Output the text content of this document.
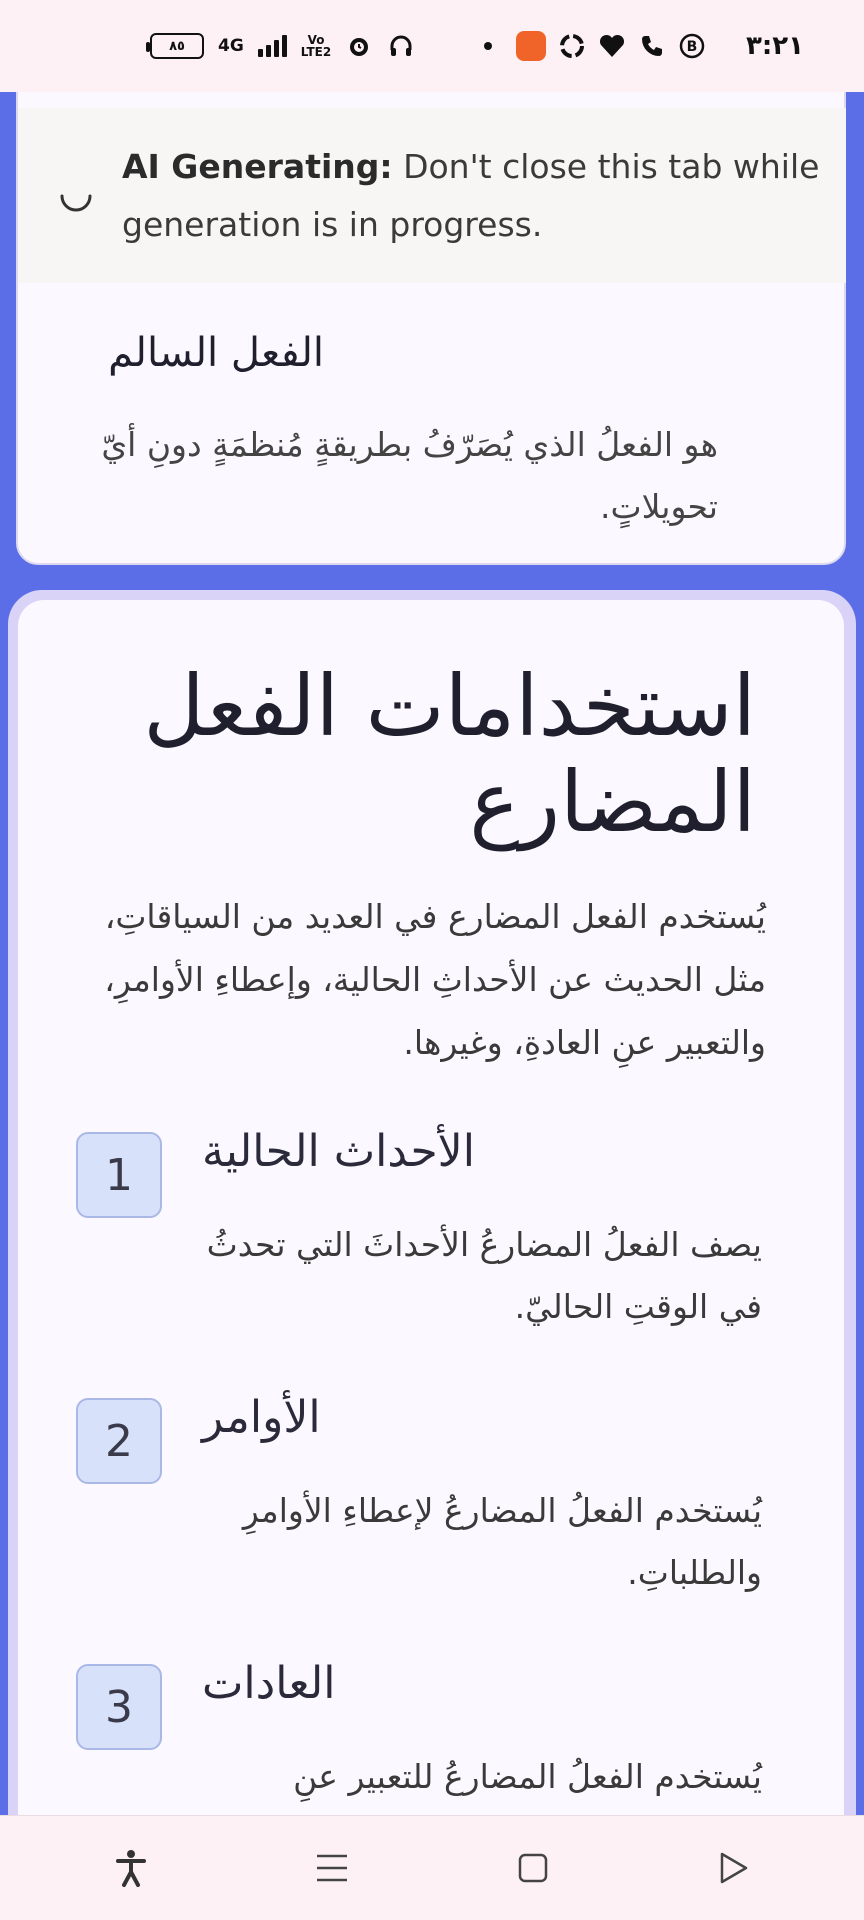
٨٥ 4G	Vo
LTE2	B ٣:٢١
الفعل السالم

هو الفعلُ الذي يُصَرّفُ بطريقةٍ مُنظمَةٍ دونِ أيّ تحويلاتٍ.

AI Generating: Don't close this tab while generation is in progress.
استخدامات الفعل المضارع

يُستخدم الفعل المضارع في العديد من السياقاتِ، مثل الحديث عن الأحداثِ الحالية، وإعطاءِ الأوامرِ، والتعبير عنِ العادةِ، وغيرها.

1	الأحداث الحالية
يصف الفعلُ المضارعُ الأحداثَ التي تحدثُ في الوقتِ الحاليّ.
2	الأوامر
يُستخدم الفعلُ المضارعُ لإعطاءِ الأوامرِ والطلباتِ.
3	العادات
يُستخدم الفعلُ المضارعُ للتعبير عنِ
